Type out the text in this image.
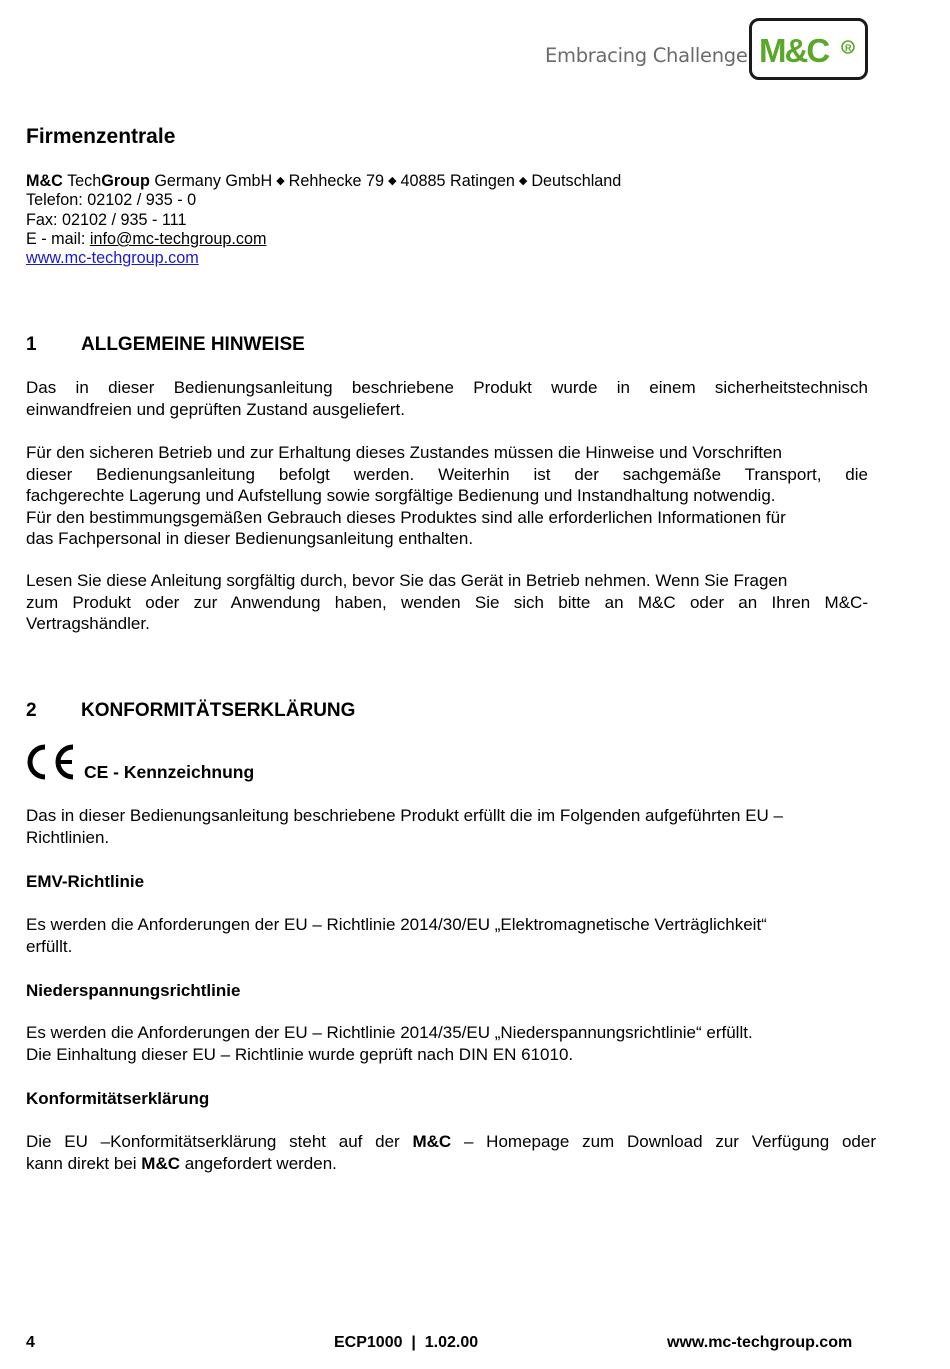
Embracing Challenge M&C R
Firmenzentrale
M&C TechGroup Germany GmbH ◆ Rehhecke 79 ◆ 40885 Ratingen ◆ Deutschland
Telefon: 02102 / 935 - 0
Fax: 02102 / 935 - 111
E - mail: info@mc-techgroup.com
www.mc-techgroup.com
1 ALLGEMEINE HINWEISE
Das in dieser Bedienungsanleitung beschriebene Produkt wurde in einem sicherheitstechnisch
einwandfreien und geprüften Zustand ausgeliefert.
Für den sicheren Betrieb und zur Erhaltung dieses Zustandes müssen die Hinweise und Vorschriften
dieser Bedienungsanleitung befolgt werden. Weiterhin ist der sachgemäße Transport, die
fachgerechte Lagerung und Aufstellung sowie sorgfältige Bedienung und Instandhaltung notwendig.
Für den bestimmungsgemäßen Gebrauch dieses Produktes sind alle erforderlichen Informationen für
das Fachpersonal in dieser Bedienungsanleitung enthalten.
Lesen Sie diese Anleitung sorgfältig durch, bevor Sie das Gerät in Betrieb nehmen. Wenn Sie Fragen
zum Produkt oder zur Anwendung haben, wenden Sie sich bitte an M&C oder an Ihren M&C-
Vertragshändler.
2 KONFORMITÄTSERKLÄRUNG
CE - Kennzeichnung
Das in dieser Bedienungsanleitung beschriebene Produkt erfüllt die im Folgenden aufgeführten EU –
Richtlinien.
EMV-Richtlinie
Es werden die Anforderungen der EU – Richtlinie 2014/30/EU „Elektromagnetische Verträglichkeit“
erfüllt.
Niederspannungsrichtlinie
Es werden die Anforderungen der EU – Richtlinie 2014/35/EU „Niederspannungsrichtlinie“ erfüllt.
Die Einhaltung dieser EU – Richtlinie wurde geprüft nach DIN EN 61010.
Konformitätserklärung
Die EU –Konformitätserklärung steht auf der M&C – Homepage zum Download zur Verfügung oder
kann direkt bei M&C angefordert werden.
4	ECP1000  |  1.02.00	www.mc-techgroup.com
